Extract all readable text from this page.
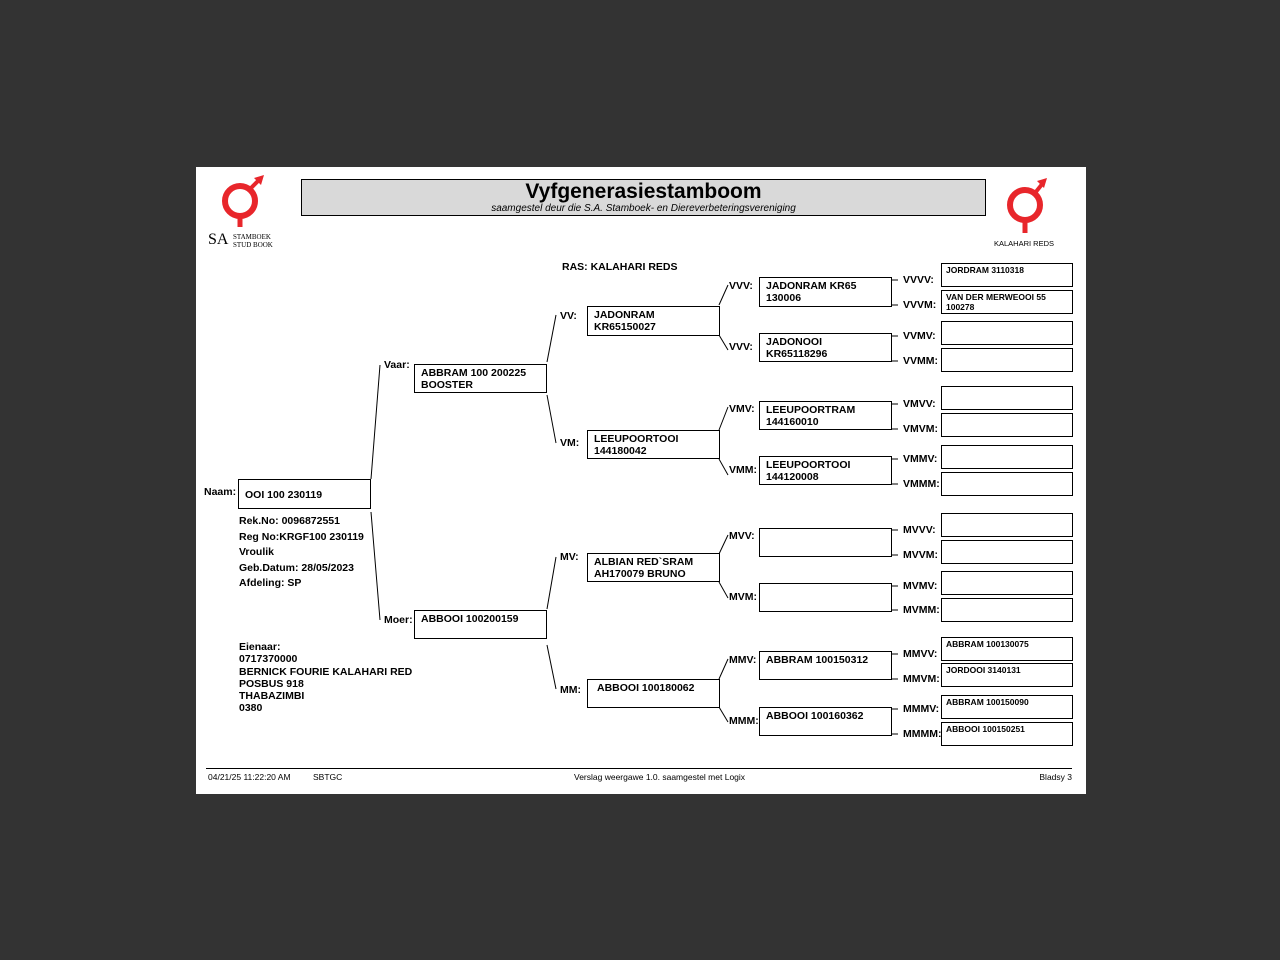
SA STAMBOEK
STUD BOOK	KALAHARI REDS
Vyfgenerasiestamboom
saamgestel deur die S.A. Stamboek- en Diereverbeteringsvereniging
RAS: KALAHARI REDS
Naam: OOI 100 230119
Rek.No: 0096872551
Reg No:KRGF100 230119
Vroulik
Geb.Datum: 28/05/2023
Afdeling: SP
Eienaar:
0717370000
BERNICK FOURIE KALAHARI RED
POSBUS 918
THABAZIMBI
0380
Vaar:
ABBRAM 100 200225
BOOSTER
Moer: ABBOOI 100200159
VV: JADONRAM
KR65150027
VM: LEEUPOORTOOI
144180042
MV: ALBIAN RED`SRAM
AH170079 BRUNO
MM: ABBOOI 100180062
VVV: JADONRAM KR65
130006
VVV: JADONOOI
KR65118296
VMV: LEEUPOORTRAM
144160010
VMM: LEEUPOORTOOI
144120008
MVV:
MVM:
MMV: ABBRAM 100150312
MMM: ABBOOI 100160362
VVVV:
JORDRAM 3110318
VVVM:
VAN DER MERWEOOI 55
100278
VVMV:
VVMM:
VMVV:
VMVM:
VMMV:
VMMM:
MVVV:
MVVM:
MVMV:
MVMM:
MMVV:
ABBRAM 100130075
MMVM:
JORDOOI 3140131
MMMV:
ABBRAM 100150090
MMMM: ABBOOI 100150251
04/21/25 11:22:20 AM	SBTGC	Verslag weergawe 1.0. saamgestel met Logix	Bladsy 3
